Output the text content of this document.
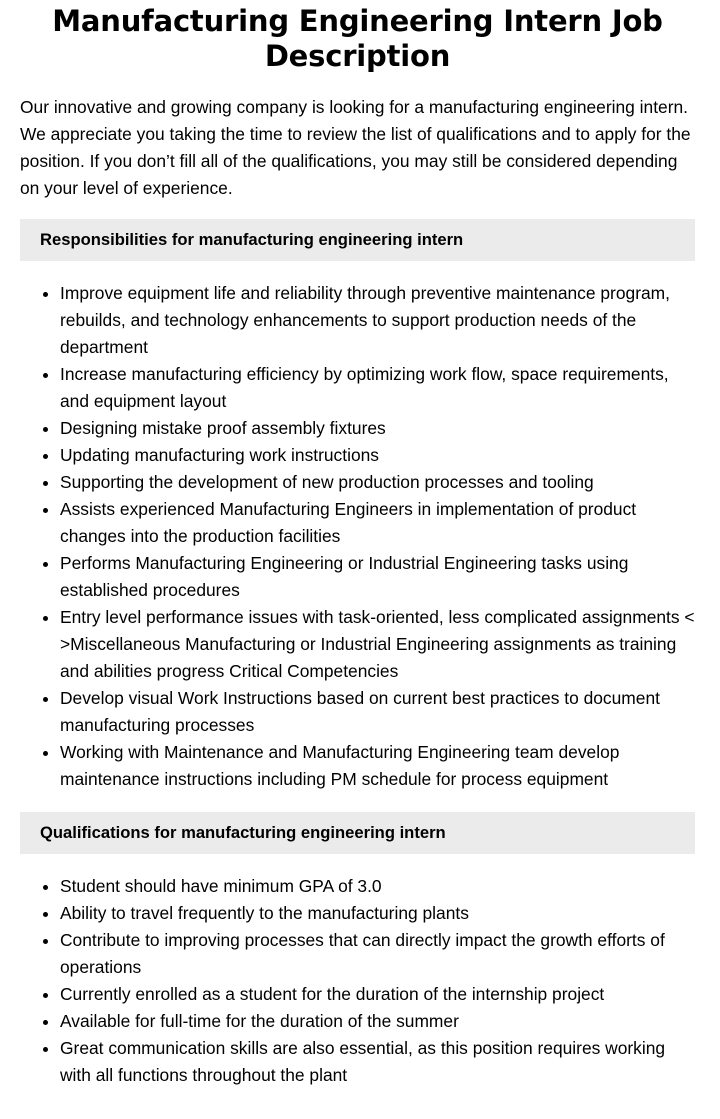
Manufacturing Engineering Intern Job Description

Our innovative and growing company is looking for a manufacturing engineering intern. We appreciate you taking the time to review the list of qualifications and to apply for the position. If you don’t fill all of the qualifications, you may still be considered depending on your level of experience.

Responsibilities for manufacturing engineering intern
Improve equipment life and reliability through preventive maintenance program, rebuilds, and technology enhancements to support production needs of the department
Increase manufacturing efficiency by optimizing work flow, space requirements, and equipment layout
Designing mistake proof assembly fixtures
Updating manufacturing work instructions
Supporting the development of new production processes and tooling
Assists experienced Manufacturing Engineers in implementation of product changes into the production facilities
Performs Manufacturing Engineering or Industrial Engineering tasks using established procedures
Entry level performance issues with task-oriented, less complicated assignments < >Miscellaneous Manufacturing or Industrial Engineering assignments as training and abilities progress Critical Competencies
Develop visual Work Instructions based on current best practices to document manufacturing processes
Working with Maintenance and Manufacturing Engineering team develop maintenance instructions including PM schedule for process equipment
Qualifications for manufacturing engineering intern
Student should have minimum GPA of 3.0
Ability to travel frequently to the manufacturing plants
Contribute to improving processes that can directly impact the growth efforts of operations
Currently enrolled as a student for the duration of the internship project
Available for full-time for the duration of the summer
Great communication skills are also essential, as this position requires working with all functions throughout the plant
